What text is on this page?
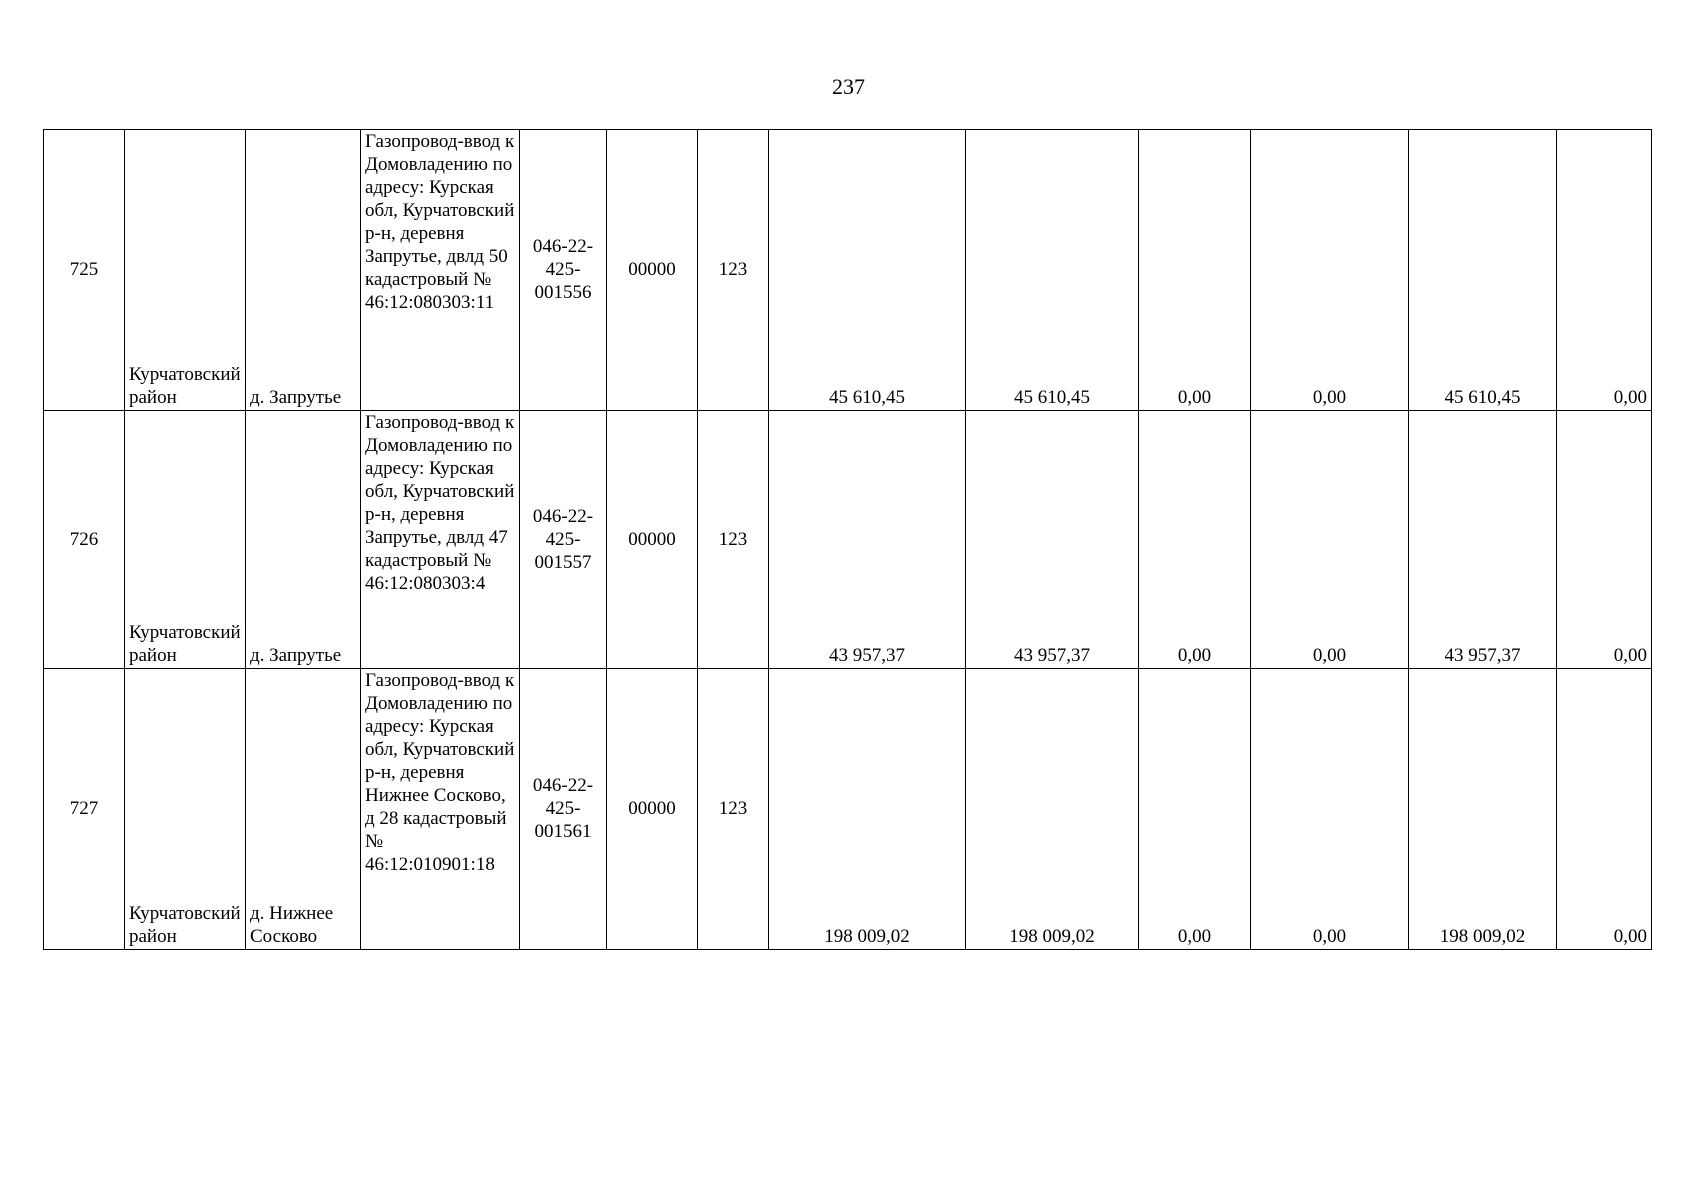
237
725	Курчатовский район	д. Запрутье	Газопровод-ввод к Домовладению по адресу: Курская обл, Курчатовский р-н, деревня Запрутье, двлд 50 кадастровый № 46:12:080303:11	046-22-425-001556	00000	123	45 610,45	45 610,45	0,00	0,00	45 610,45	0,00
726	Курчатовский район	д. Запрутье	Газопровод-ввод к Домовладению по адресу: Курская обл, Курчатовский р-н, деревня Запрутье, двлд 47 кадастровый № 46:12:080303:4	046-22-425-001557	00000	123	43 957,37	43 957,37	0,00	0,00	43 957,37	0,00
727	Курчатовский район	д. Нижнее Сосково	Газопровод-ввод к Домовладению по адресу: Курская обл, Курчатовский р-н, деревня Нижнее Сосково, д 28 кадастровый № 46:12:010901:18	046-22-425-001561	00000	123	198 009,02	198 009,02	0,00	0,00	198 009,02	0,00
